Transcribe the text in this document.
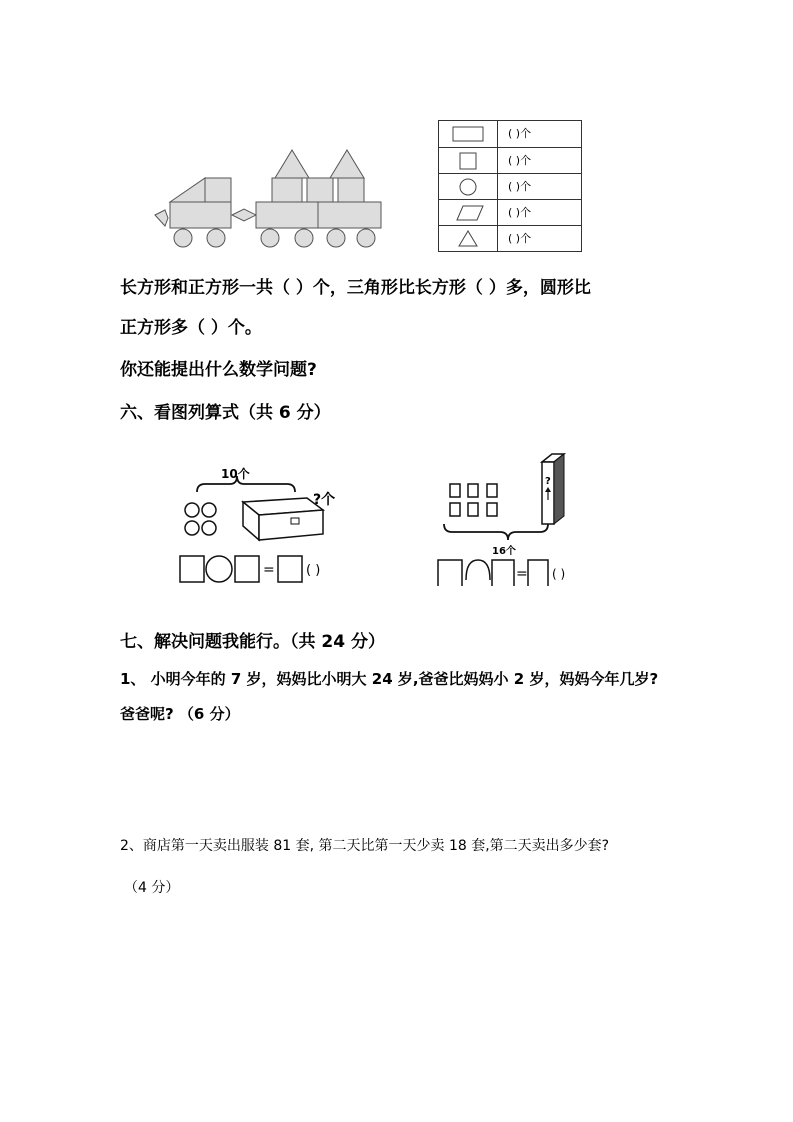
( )个
( )个
( )个
( )个
( )个
长方形和正方形一共（ ）个，三角形比长方形（ ）多，圆形比
正方形多（ ）个。
你还能提出什么数学问题?
六、看图列算式（共 6 分）
10个
?个
= ( )
?
16个
= ( )
七、解决问题我能行。（共 24 分）
1、 小明今年的 7 岁，妈妈比小明大 24 岁,爸爸比妈妈小 2 岁，妈妈今年几岁?
爸爸呢? （6 分）
2、商店第一天卖出服装 81 套, 第二天比第一天少卖 18 套,第二天卖出多少套?
（4 分）
